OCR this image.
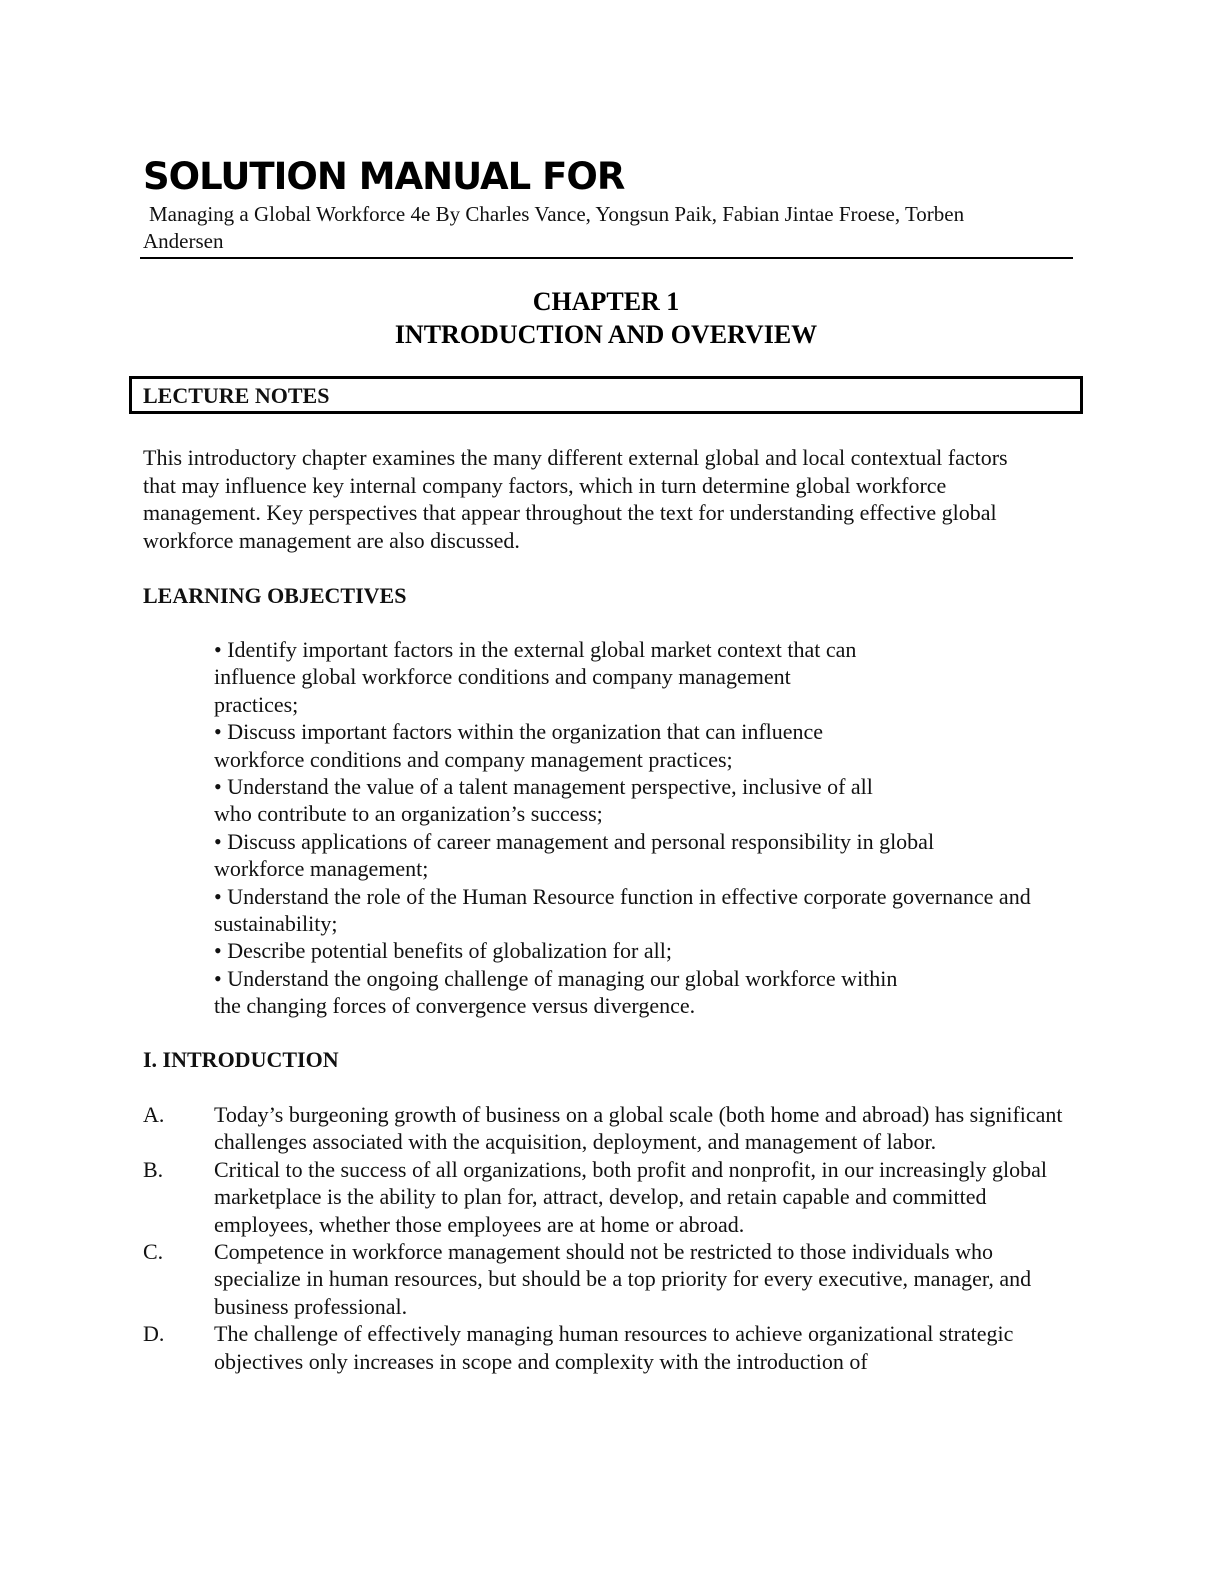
SOLUTION MANUAL FOR

Managing a Global Workforce 4e By Charles Vance, Yongsun Paik, Fabian Jintae Froese, Torben Andersen

CHAPTER 1
INTRODUCTION AND OVERVIEW
LECTURE NOTES

This introductory chapter examines the many different external global and local contextual factors that may influence key internal company factors, which in turn determine global workforce management. Key perspectives that appear throughout the text for understanding effective global workforce management are also discussed.

LEARNING OBJECTIVES
• Identify important factors in the external global market context that can influence global workforce conditions and company management practices;
• Discuss important factors within the organization that can influence workforce conditions and company management practices;
• Understand the value of a talent management perspective, inclusive of all who contribute to an organization’s success;
• Discuss applications of career management and personal responsibility in global workforce management;
• Understand the role of the Human Resource function in effective corporate governance and sustainability;
• Describe potential benefits of globalization for all;
• Understand the ongoing challenge of managing our global workforce within the changing forces of convergence versus divergence.
I. INTRODUCTION
A. Today’s burgeoning growth of business on a global scale (both home and abroad) has significant challenges associated with the acquisition, deployment, and management of labor.
B. Critical to the success of all organizations, both profit and nonprofit, in our increasingly global marketplace is the ability to plan for, attract, develop, and retain capable and committed employees, whether those employees are at home or abroad.
C. Competence in workforce management should not be restricted to those individuals who specialize in human resources, but should be a top priority for every executive, manager, and business professional.
D. The challenge of effectively managing human resources to achieve organizational strategic objectives only increases in scope and complexity with the introduction of
